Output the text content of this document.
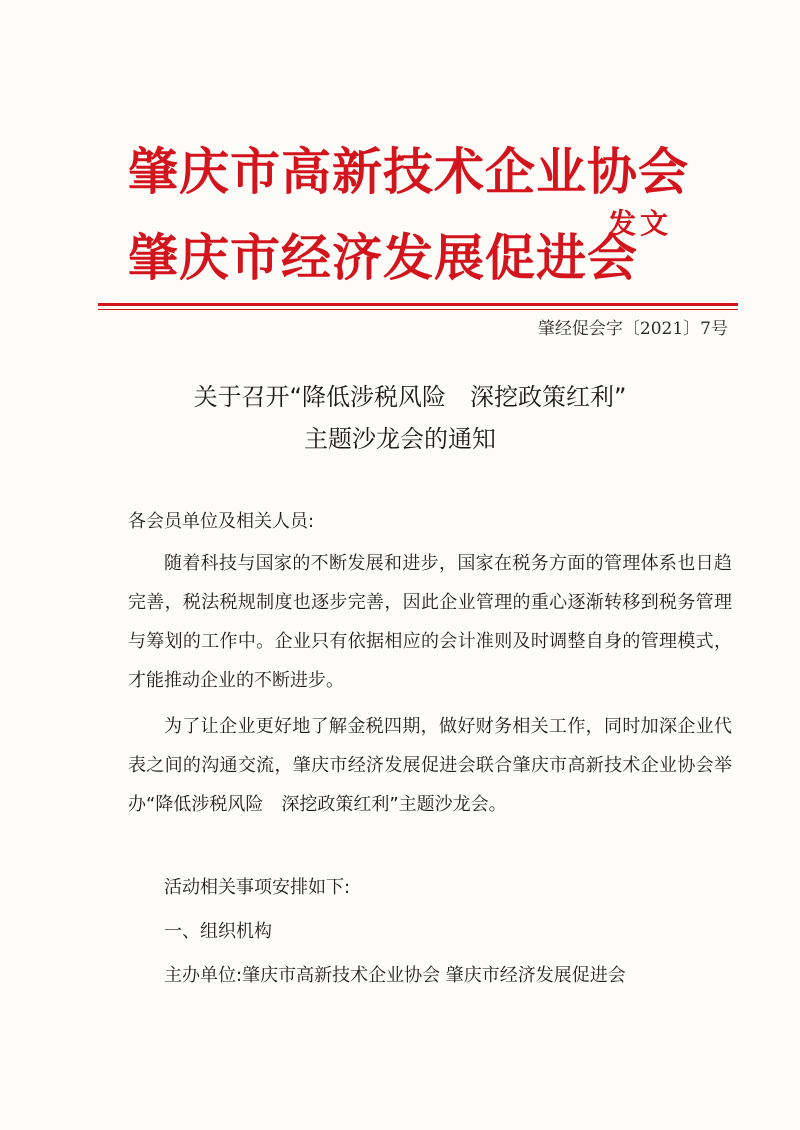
肇庆市高新技术企业协会
肇庆市经济发展促进会
发文
肇经促会字〔2021〕7号
关于召开“降低涉税风险　深挖政策红利”
主题沙龙会的通知
各会员单位及相关人员:
随着科技与国家的不断发展和进步，国家在税务方面的管理体系也日趋完善，税法税规制度也逐步完善，因此企业管理的重心逐渐转移到税务管理与筹划的工作中。企业只有依据相应的会计准则及时调整自身的管理模式，才能推动企业的不断进步。
为了让企业更好地了解金税四期，做好财务相关工作，同时加深企业代表之间的沟通交流，肇庆市经济发展促进会联合肇庆市高新技术企业协会举办“降低涉税风险　深挖政策红利”主题沙龙会。
活动相关事项安排如下:
一、组织机构
主办单位:肇庆市高新技术企业协会 肇庆市经济发展促进会
